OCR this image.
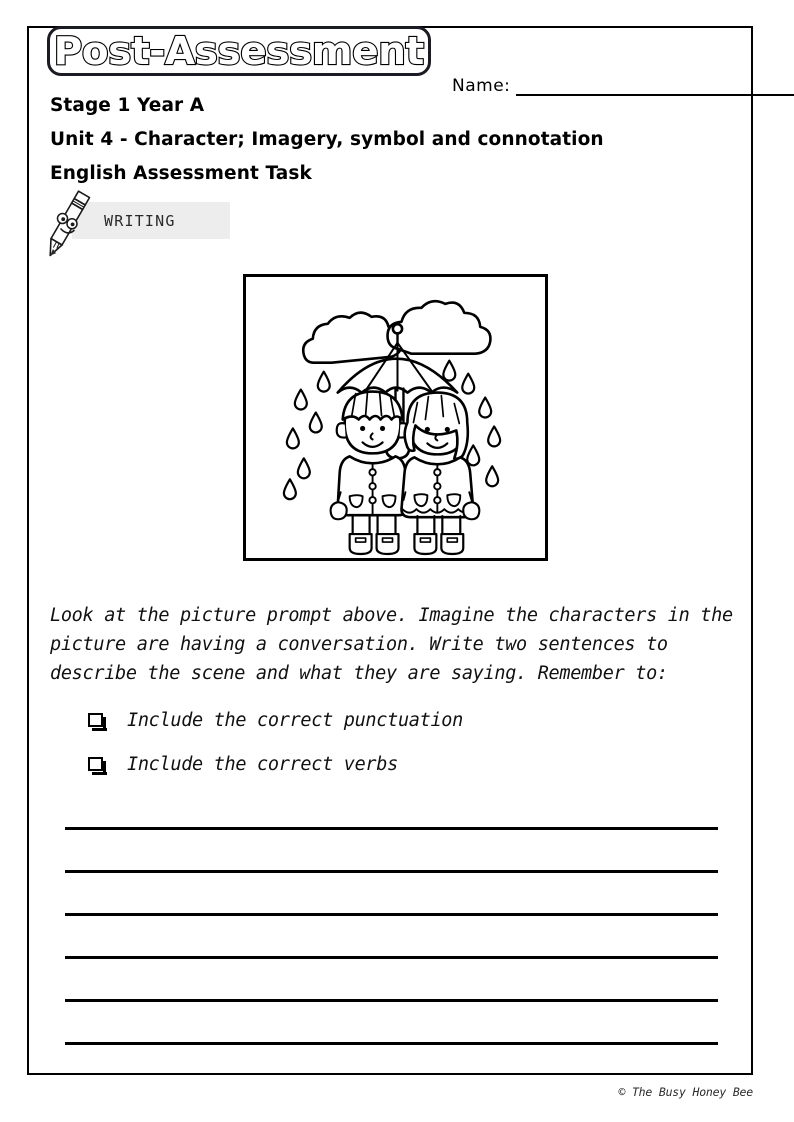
Post-Assessment
Name:
Stage 1 Year A
Unit 4 - Character; Imagery, symbol and connotation
English Assessment Task
WRITING
Look at the picture prompt above. Imagine the characters in the picture are having a conversation. Write two sentences to describe the scene and what they are saying. Remember to:
Include the correct punctuation
Include the correct verbs
© The Busy Honey Bee
